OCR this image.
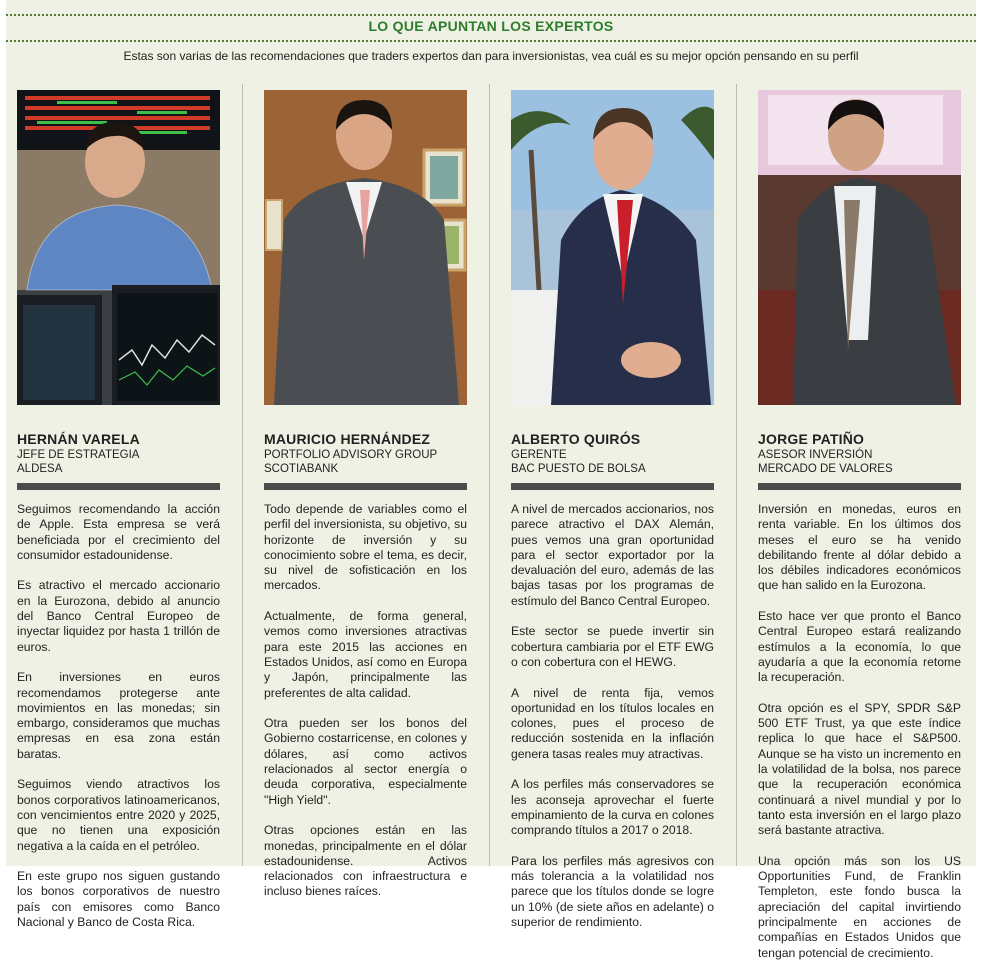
LO QUE APUNTAN LOS EXPERTOS
Estas son varias de las recomendaciones que traders expertos dan para inversionistas, vea cuál es su mejor opción pensando en su perfil
HERNÁN VARELA
JEFE DE ESTRATEGIA
ALDESA

Seguimos recomendando la acción de Apple. Esta empresa se verá beneficiada por el crecimiento del consumidor estadounidense.

Es atractivo el mercado accionario en la Eurozona, debido al anuncio del Banco Central Europeo de inyectar liquidez por hasta 1 trillón de euros.

En inversiones en euros recomendamos protegerse ante movimientos en las monedas; sin embargo, consideramos que muchas empresas en esa zona están baratas.

Seguimos viendo atractivos los bonos corporativos latinoamericanos, con vencimientos entre 2020 y 2025, que no tienen una exposición negativa a la caída en el petróleo.

En este grupo nos siguen gustando los bonos corporativos de nuestro país con emisores como Banco Nacional y Banco de Costa Rica.

MAURICIO HERNÁNDEZ
PORTFOLIO ADVISORY GROUP
SCOTIABANK

Todo depende de variables como el perfil del inversionista, su objetivo, su horizonte de inversión y su conocimiento sobre el tema, es decir, su nivel de sofisticación en los mercados.

Actualmente, de forma general, vemos como inversiones atractivas para este 2015 las acciones en Estados Unidos, así como en Europa y Japón, principalmente las preferentes de alta calidad.

Otra pueden ser los bonos del Gobierno costarricense, en colones y dólares, así como activos relacionados al sector energía o deuda corporativa, especialmente "High Yield".

Otras opciones están en las monedas, principalmente en el dólar estadounidense. Activos relacionados con infraestructura e incluso bienes raíces.

ALBERTO QUIRÓS
GERENTE
BAC PUESTO DE BOLSA

A nivel de mercados accionarios, nos parece atractivo el DAX Alemán, pues vemos una gran oportunidad para el sector exportador por la devaluación del euro, además de las bajas tasas por los programas de estímulo del Banco Central Europeo.

Este sector se puede invertir sin cobertura cambiaria por el ETF EWG o con cobertura con el HEWG.

A nivel de renta fija, vemos oportunidad en los títulos locales en colones, pues el proceso de reducción sostenida en la inflación genera tasas reales muy atractivas.

A los perfiles más conservadores se les aconseja aprovechar el fuerte empinamiento de la curva en colones comprando títulos a 2017 o 2018.

Para los perfiles más agresivos con más tolerancia a la volatilidad nos parece que los títulos donde se logre un 10% (de siete años en adelante) o superior de rendimiento.

JORGE PATIÑO
ASESOR INVERSIÓN
MERCADO DE VALORES

Inversión en monedas, euros en renta variable. En los últimos dos meses el euro se ha venido debilitando frente al dólar debido a los débiles indicadores económicos que han salido en la Eurozona.

Esto hace ver que pronto el Banco Central Europeo estará realizando estímulos a la economía, lo que ayudaría a que la economía retome la recuperación.

Otra opción es el SPY, SPDR S&P 500 ETF Trust, ya que este índice replica lo que hace el S&P500. Aunque se ha visto un incremento en la volatilidad de la bolsa, nos parece que la recuperación económica continuará a nivel mundial y por lo tanto esta inversión en el largo plazo será bastante atractiva.

Una opción más son los US Opportunities Fund, de Franklin Templeton, este fondo busca la apreciación del capital invirtiendo principalmente en acciones de compañías en Estados Unidos que tengan potencial de crecimiento.
